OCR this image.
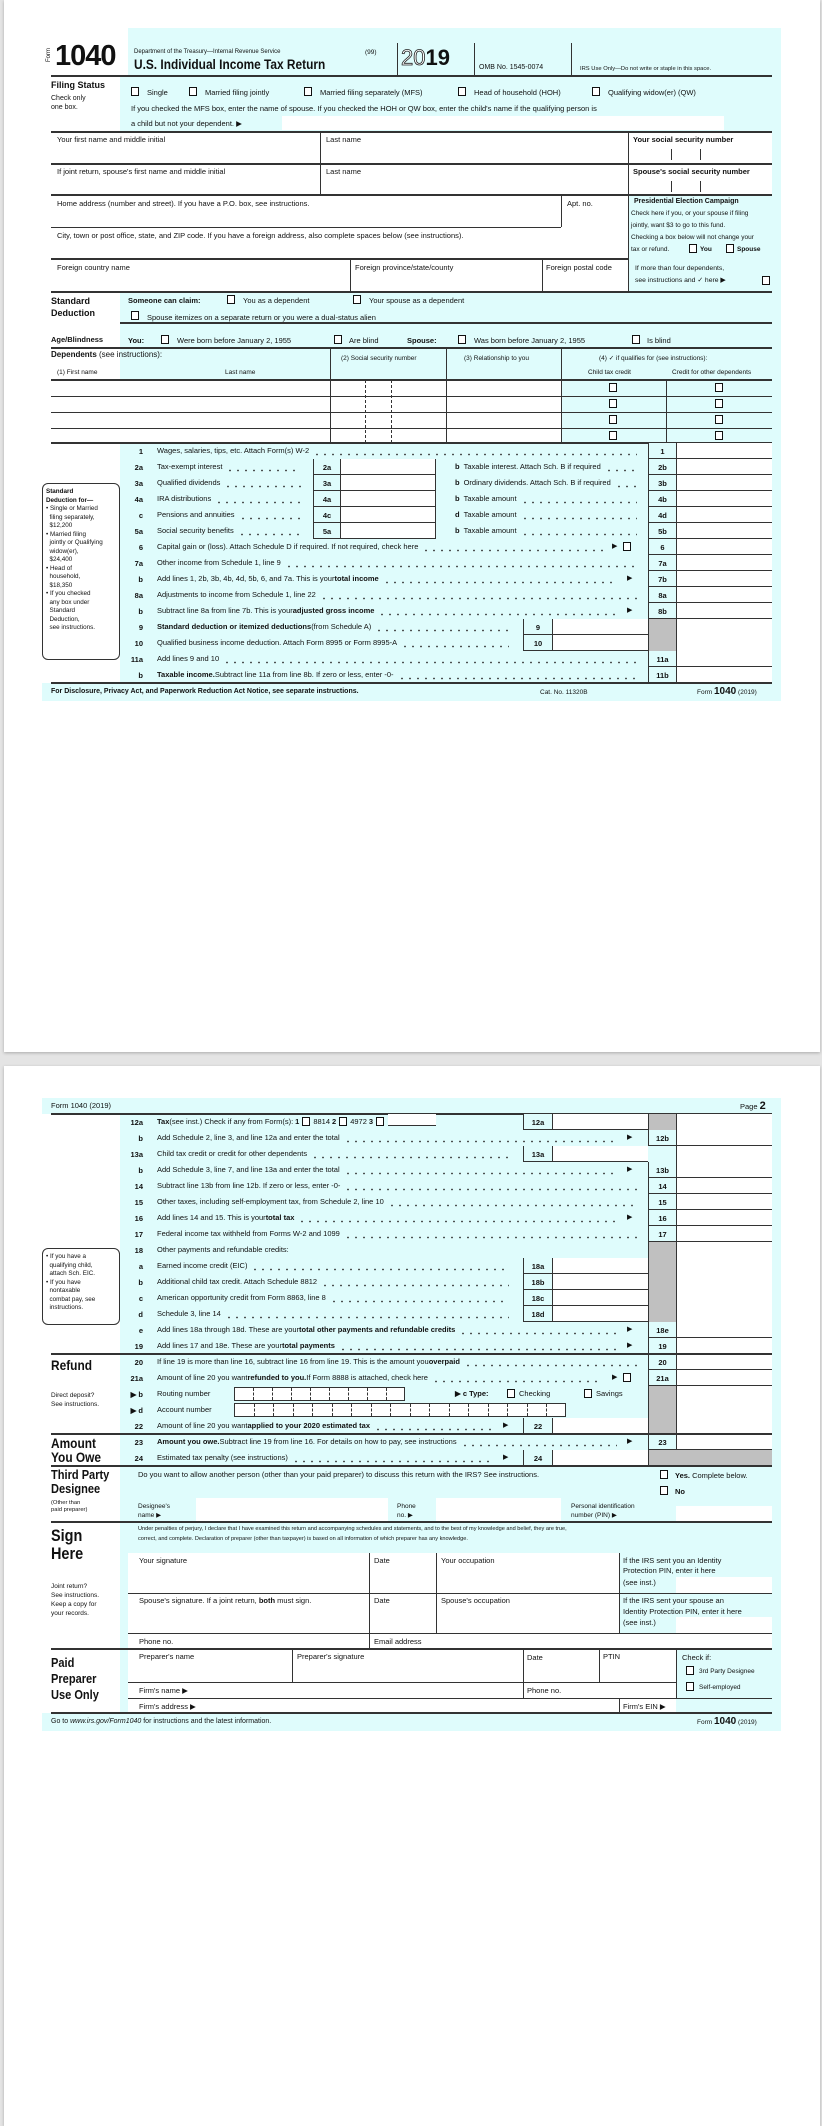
Form 1040	Department of the Treasury—Internal Revenue Service	(99)
U.S. Individual Income Tax Return	2019	OMB No. 1545-0074	IRS Use Only—Do not write or staple in this space.
Filing Status
Check only
one box.
Single	Married filing jointly	Married filing separately (MFS)	Head of household (HOH)	Qualifying widow(er) (QW)
If you checked the MFS box, enter the name of spouse. If you checked the HOH or QW box, enter the child's name if the qualifying person is
a child but not your dependent. ▶
Your first name and middle initial	Last name	Your social security number
If joint return, spouse's first name and middle initial	Last name	Spouse's social security number
Home address (number and street). If you have a P.O. box, see instructions.	Apt. no.
City, town or post office, state, and ZIP code. If you have a foreign address, also complete spaces below (see instructions).
Foreign country name	Foreign province/state/county	Foreign postal code
Presidential Election Campaign
Check here if you, or your spouse if filing
jointly, want $3 to go to this fund.
Checking a box below will not change your
tax or refund.	You	Spouse
If more than four dependents,
see instructions and ✓ here ▶
Standard
Deduction
Someone can claim:	You as a dependent	Your spouse as a dependent
Spouse itemizes on a separate return or you were a dual-status alien
Age/Blindness	You:	Were born before January 2, 1955	Are blind	Spouse:	Was born before January 2, 1955	Is blind
Dependents (see instructions):
(1) First name	Last name
(2) Social security number	(3) Relationship to you	(4) ✓ if qualifies for (see instructions):
Child tax credit	Credit for other dependents
Standard
Deduction for—
• Single or Married
filing separately,
$12,200
• Married filing
jointly or Qualifying
widow(er),
$24,400
• Head of
household,
$18,350
• If you checked
any box under
Standard
Deduction,
see instructions.
1 Wages, salaries, tips, etc. Attach Form(s) W-2	1
2a Tax-exempt interest	2a	b Taxable interest. Attach Sch. B if required	2b
3a Qualified dividends	3a	b Ordinary dividends. Attach Sch. B if required	3b
4a IRA distributions	4a	b Taxable amount	4b
c Pensions and annuities	4c	d Taxable amount	4d
5a Social security benefits	5a	b Taxable amount	5b
6 Capital gain or (loss). Attach Schedule D if required. If not required, check here	▶	6
7a Other income from Schedule 1, line 9	7a
b Add lines 1, 2b, 3b, 4b, 4d, 5b, 6, and 7a. This is your total income	▶	7b
8a Adjustments to income from Schedule 1, line 22	8a
b Subtract line 8a from line 7b. This is your adjusted gross income	▶	8b
9 Standard deduction or itemized deductions (from Schedule A)	9
10 Qualified business income deduction. Attach Form 8995 or Form 8995-A	10
11a Add lines 9 and 10	11a
b Taxable income. Subtract line 11a from line 8b. If zero or less, enter -0-	11b
For Disclosure, Privacy Act, and Paperwork Reduction Act Notice, see separate instructions.	Cat. No. 11320B	Form 1040 (2019)
Form 1040 (2019)	Page 2
• If you have a
qualifying child,
attach Sch. EIC.
• If you have
nontaxable
combat pay, see
instructions.
12a Tax (see inst.) Check if any from Form(s): 1 8814 2 4972 3	12a
b Add Schedule 2, line 3, and line 12a and enter the total	▶	12b
13a Child tax credit or credit for other dependents	13a
b Add Schedule 3, line 7, and line 13a and enter the total	▶	13b
14 Subtract line 13b from line 12b. If zero or less, enter -0-	14
15 Other taxes, including self-employment tax, from Schedule 2, line 10	15
16 Add lines 14 and 15. This is your total tax	▶	16
17 Federal income tax withheld from Forms W-2 and 1099	17
18 Other payments and refundable credits:
a Earned income credit (EIC)	18a
b Additional child tax credit. Attach Schedule 8812	18b
c American opportunity credit from Form 8863, line 8	18c
d Schedule 3, line 14	18d
e Add lines 18a through 18d. These are your total other payments and refundable credits	▶	18e
19 Add lines 17 and 18e. These are your total payments	▶	19
20 If line 19 is more than line 16, subtract line 16 from line 19. This is the amount you overpaid	20
21a Amount of line 20 you want refunded to you. If Form 8888 is attached, check here	▶	21a
▶ b Routing number	▶ c Type:	Checking	Savings
▶ d Account number
22 Amount of line 20 you want applied to your 2020 estimated tax	▶	22
23 Amount you owe. Subtract line 19 from line 16. For details on how to pay, see instructions	▶	23
24 Estimated tax penalty (see instructions)	▶	24
Refund
Direct deposit?
See instructions.
Amount
You Owe
Third Party
Designee
(Other than
paid preparer)
Do you want to allow another person (other than your paid preparer) to discuss this return with the IRS? See instructions.	Yes. Complete below.
No
Designee's
name ▶
Phone
no. ▶
Personal identification
number (PIN) ▶
Sign
Here
Joint return?
See instructions.
Keep a copy for
your records.
Under penalties of perjury, I declare that I have examined this return and accompanying schedules and statements, and to the best of my knowledge and belief, they are true,
correct, and complete. Declaration of preparer (other than taxpayer) is based on all information of which preparer has any knowledge.
Your signature	Date	Your occupation	If the IRS sent you an Identity
Protection PIN, enter it here
(see inst.)
Spouse's signature. If a joint return, both must sign.	Date	Spouse's occupation	If the IRS sent your spouse an
Identity Protection PIN, enter it here
(see inst.)
Phone no.	Email address
Paid
Preparer
Use Only
Preparer's name	Preparer's signature	Date	PTIN	Check if:
3rd Party Designee
Self-employed
Firm's name ▶	Phone no.
Firm's address ▶	Firm's EIN ▶
Go to www.irs.gov/Form1040 for instructions and the latest information.	Form 1040 (2019)
